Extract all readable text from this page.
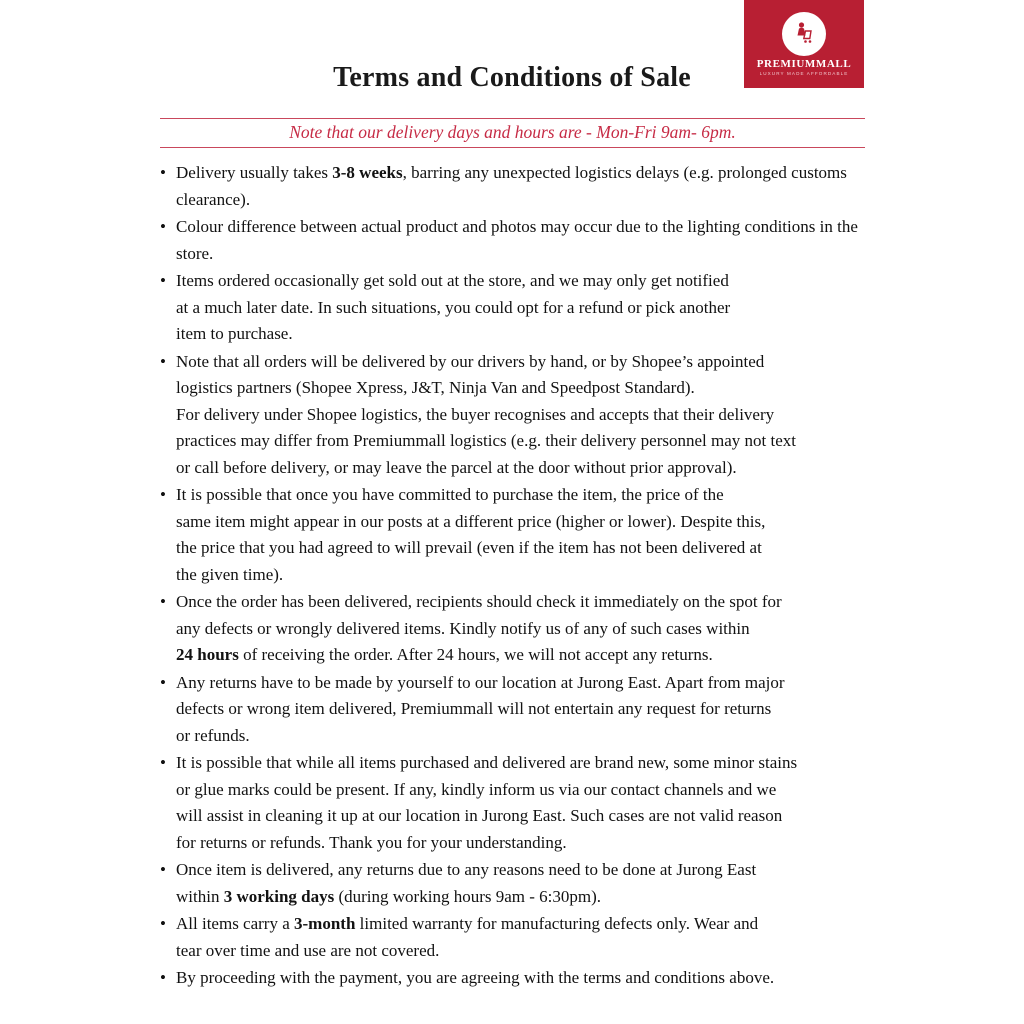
PREMIUMMALL
LUXURY MADE AFFORDABLE
Terms and Conditions of Sale
Note that our delivery days and hours are - Mon-Fri 9am- 6pm.
• Delivery usually takes 3-8 weeks, barring any unexpected logistics delays (e.g. prolonged customs clearance).
• Colour difference between actual product and photos may occur due to the lighting conditions in the store.
• Items ordered occasionally get sold out at the store, and we may only get notified
at a much later date. In such situations, you could opt for a refund or pick another
item to purchase.
• Note that all orders will be delivered by our drivers by hand, or by Shopee’s appointed
logistics partners (Shopee Xpress, J&T, Ninja Van and Speedpost Standard).
For delivery under Shopee logistics, the buyer recognises and accepts that their delivery
practices may differ from Premiummall logistics (e.g. their delivery personnel may not text
or call before delivery, or may leave the parcel at the door without prior approval).
• It is possible that once you have committed to purchase the item, the price of the
same item might appear in our posts at a different price (higher or lower). Despite this,
the price that you had agreed to will prevail (even if the item has not been delivered at
the given time).
• Once the order has been delivered, recipients should check it immediately on the spot for
any defects or wrongly delivered items. Kindly notify us of any of such cases within
24 hours of receiving the order. After 24 hours, we will not accept any returns.
• Any returns have to be made by yourself to our location at Jurong East. Apart from major
defects or wrong item delivered, Premiummall will not entertain any request for returns
or refunds.
• It is possible that while all items purchased and delivered are brand new, some minor stains
or glue marks could be present. If any, kindly inform us via our contact channels and we
will assist in cleaning it up at our location in Jurong East. Such cases are not valid reason
for returns or refunds. Thank you for your understanding.
• Once item is delivered, any returns due to any reasons need to be done at Jurong East
within 3 working days (during working hours 9am - 6:30pm).
• All items carry a 3-month limited warranty for manufacturing defects only. Wear and
tear over time and use are not covered.
• By proceeding with the payment, you are agreeing with the terms and conditions above.
